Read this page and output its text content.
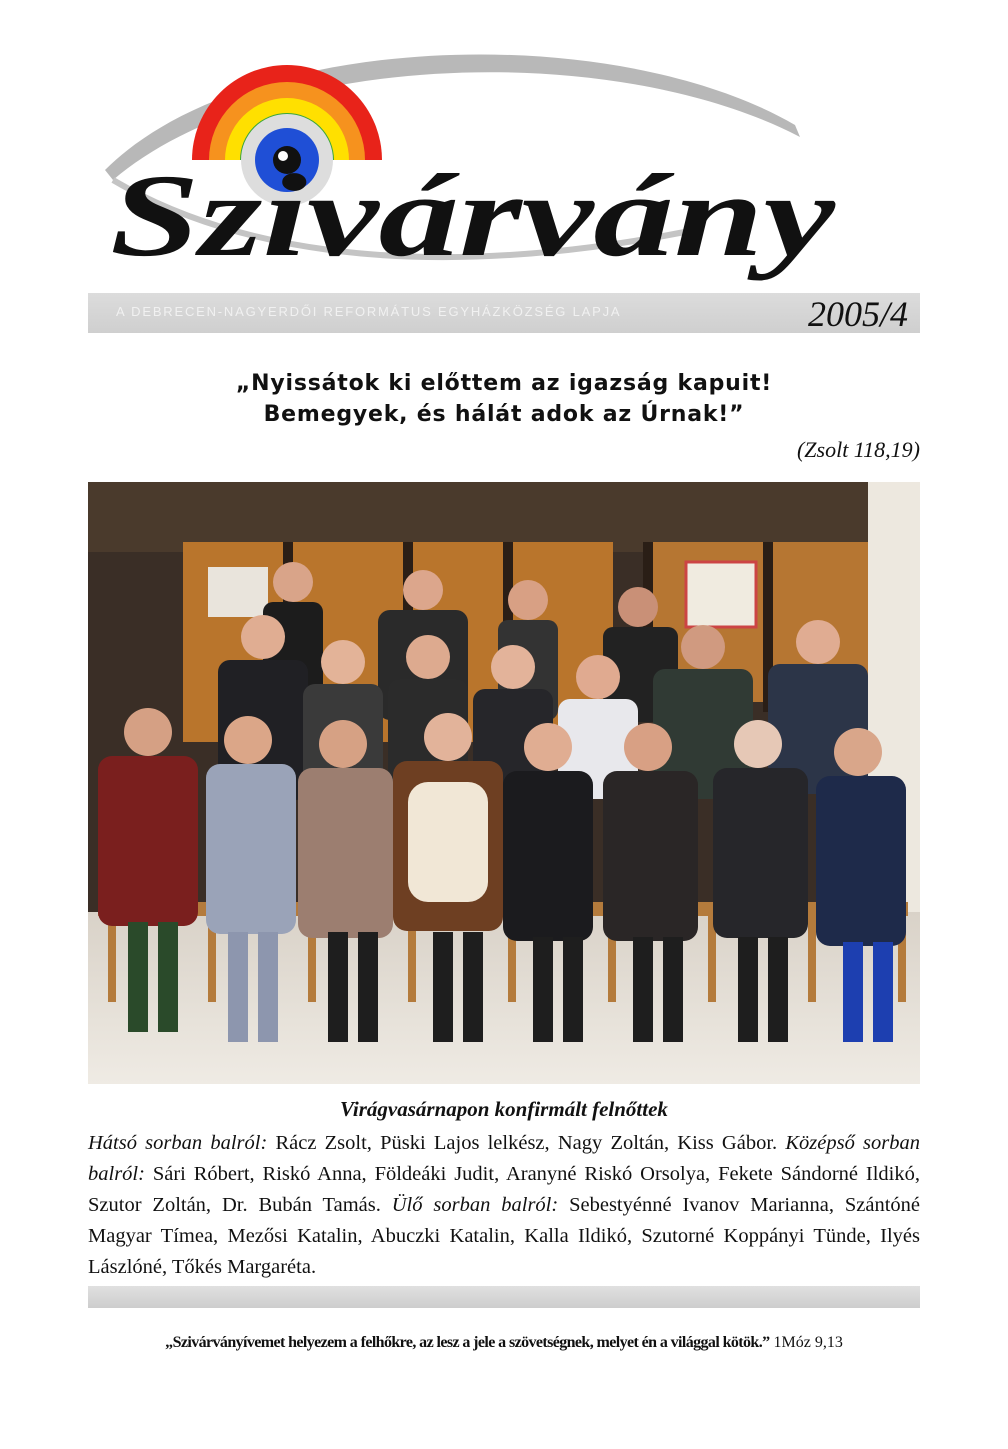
Szivárvány
A DEBRECEN-NAGYERDŐI REFORMÁTUS EGYHÁZKÖZSÉG LAPJA	2005/4
„Nyissátok ki előttem az igazság kapuit!
Bemegyek, és hálát adok az Úrnak!”
(Zsolt 118,19)
Virágvasárnapon konfirmált felnőttek
Hátsó sorban balról: Rácz Zsolt, Püski Lajos lelkész, Nagy Zoltán, Kiss Gábor. Középső sorban balról: Sári Róbert, Riskó Anna, Földeáki Judit, Aranyné Riskó Orsolya, Fekete Sándorné Ildikó, Szutor Zoltán, Dr. Bubán Tamás. Ülő sorban balról: Sebestyénné Ivanov Marianna, Szántóné Magyar Tímea, Mezősi Katalin, Abuczki Katalin, Kalla Ildikó, Szutorné Koppányi Tünde, Ilyés Lászlóné, Tőkés Margaréta.
„Szivárványívemet helyezem a felhőkre, az lesz a jele a szövetségnek, melyet én a világgal kötök.” 1Móz 9,13
